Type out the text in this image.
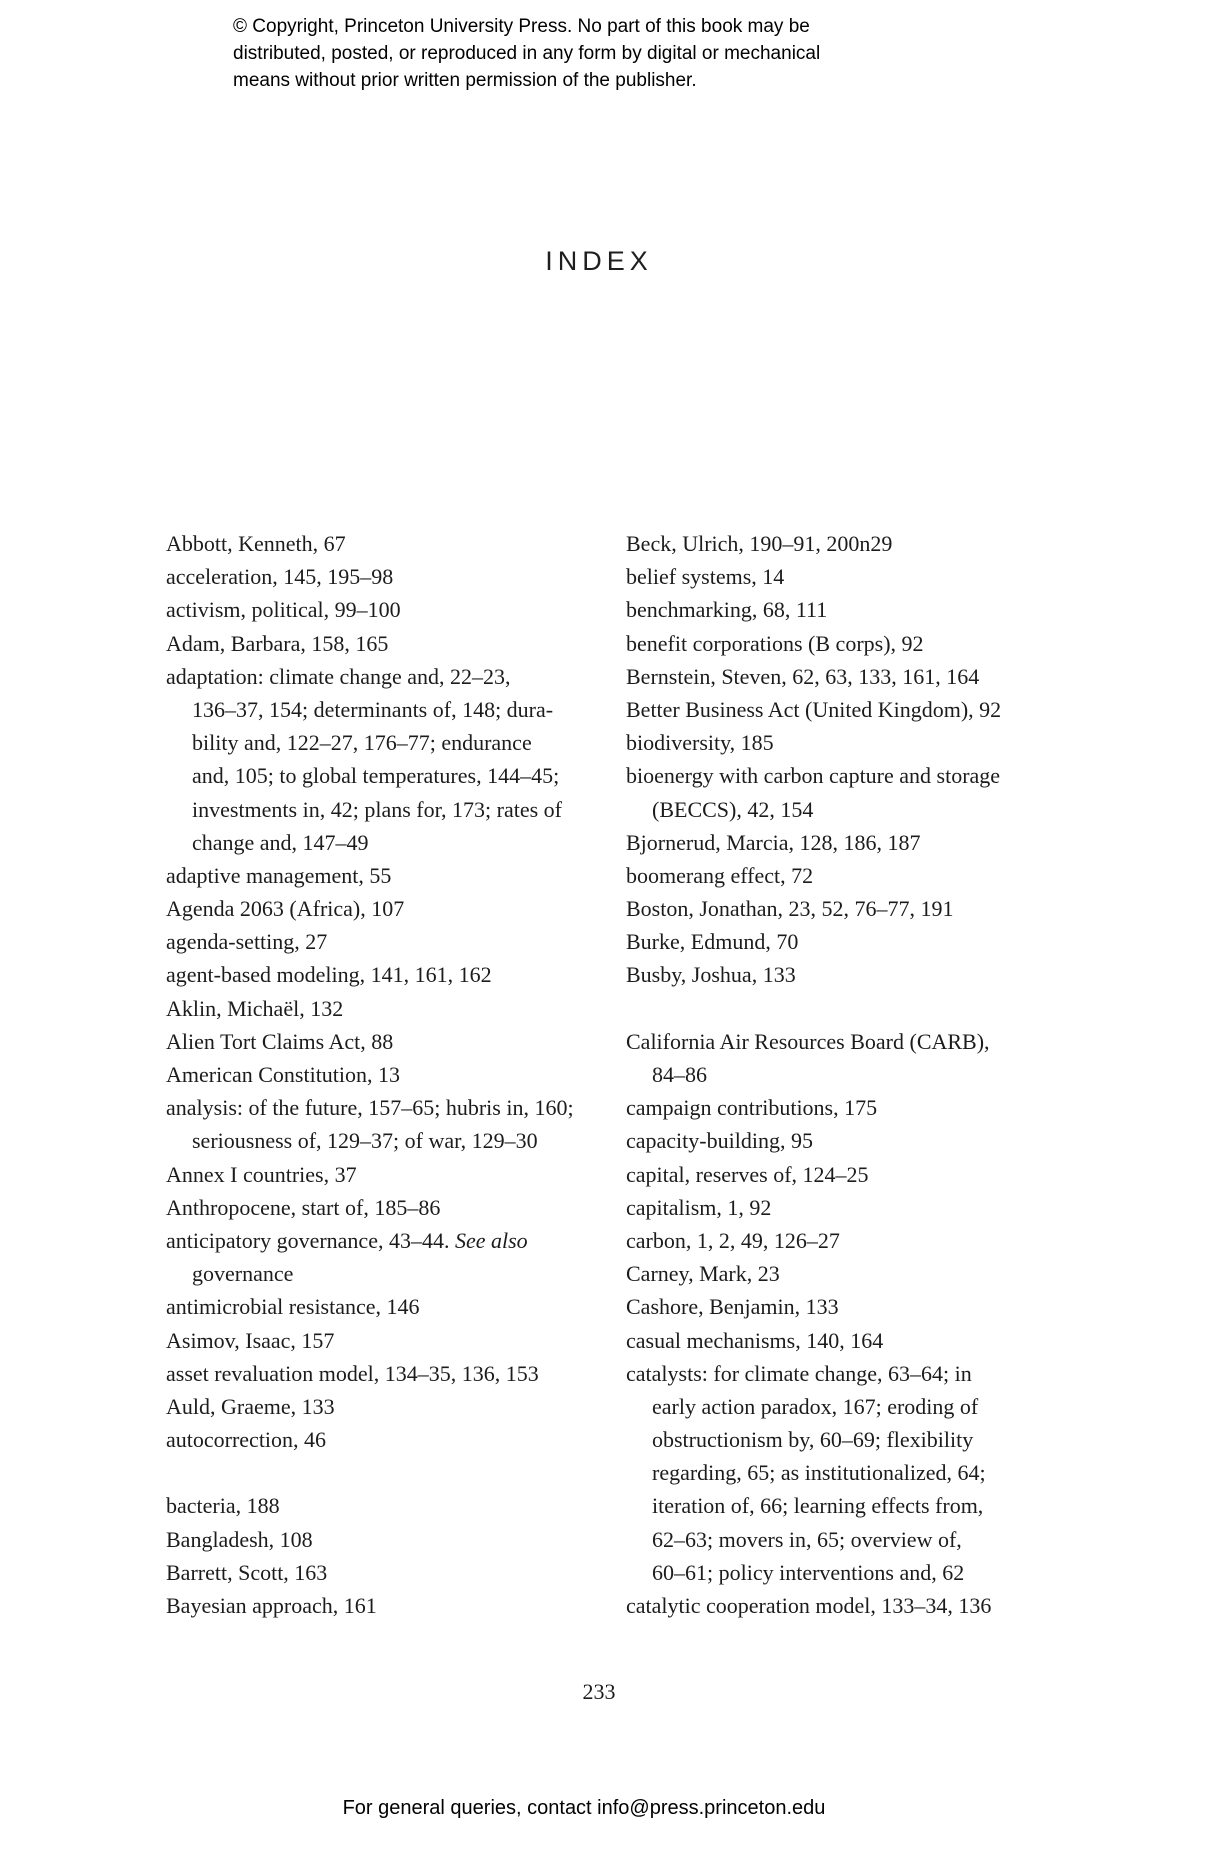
© Copyright, Princeton University Press. No part of this book may be
distributed, posted, or reproduced in any form by digital or mechanical
means without prior written permission of the publisher.
INDEX
Abbott, Kenneth, 67
acceleration, 145, 195–98
activism, political, 99–100
Adam, Barbara, 158, 165
adaptation: climate change and, 22–23,
136–37, 154; determinants of, 148; dura-
bility and, 122–27, 176–77; endurance
and, 105; to global temperatures, 144–45;
investments in, 42; plans for, 173; rates of
change and, 147–49
adaptive management, 55
Agenda 2063 (Africa), 107
agenda-setting, 27
agent-based modeling, 141, 161, 162
Aklin, Michaël, 132
Alien Tort Claims Act, 88
American Constitution, 13
analysis: of the future, 157–65; hubris in, 160;
seriousness of, 129–37; of war, 129–30
Annex I countries, 37
Anthropocene, start of, 185–86
anticipatory governance, 43–44. See also
governance
antimicrobial resistance, 146
Asimov, Isaac, 157
asset revaluation model, 134–35, 136, 153
Auld, Graeme, 133
autocorrection, 46
bacteria, 188
Bangladesh, 108
Barrett, Scott, 163
Bayesian approach, 161
Beck, Ulrich, 190–91, 200n29
belief systems, 14
benchmarking, 68, 111
benefit corporations (B corps), 92
Bernstein, Steven, 62, 63, 133, 161, 164
Better Business Act (United Kingdom), 92
biodiversity, 185
bioenergy with carbon capture and storage
(BECCS), 42, 154
Bjornerud, Marcia, 128, 186, 187
boomerang effect, 72
Boston, Jonathan, 23, 52, 76–77, 191
Burke, Edmund, 70
Busby, Joshua, 133
California Air Resources Board (CARB),
84–86
campaign contributions, 175
capacity-building, 95
capital, reserves of, 124–25
capitalism, 1, 92
carbon, 1, 2, 49, 126–27
Carney, Mark, 23
Cashore, Benjamin, 133
casual mechanisms, 140, 164
catalysts: for climate change, 63–64; in
early action paradox, 167; eroding of
obstructionism by, 60–69; flexibility
regarding, 65; as institutionalized, 64;
iteration of, 66; learning effects from,
62–63; movers in, 65; overview of,
60–61; policy interventions and, 62
catalytic cooperation model, 133–34, 136
233
For general queries, contact info@press.princeton.edu
